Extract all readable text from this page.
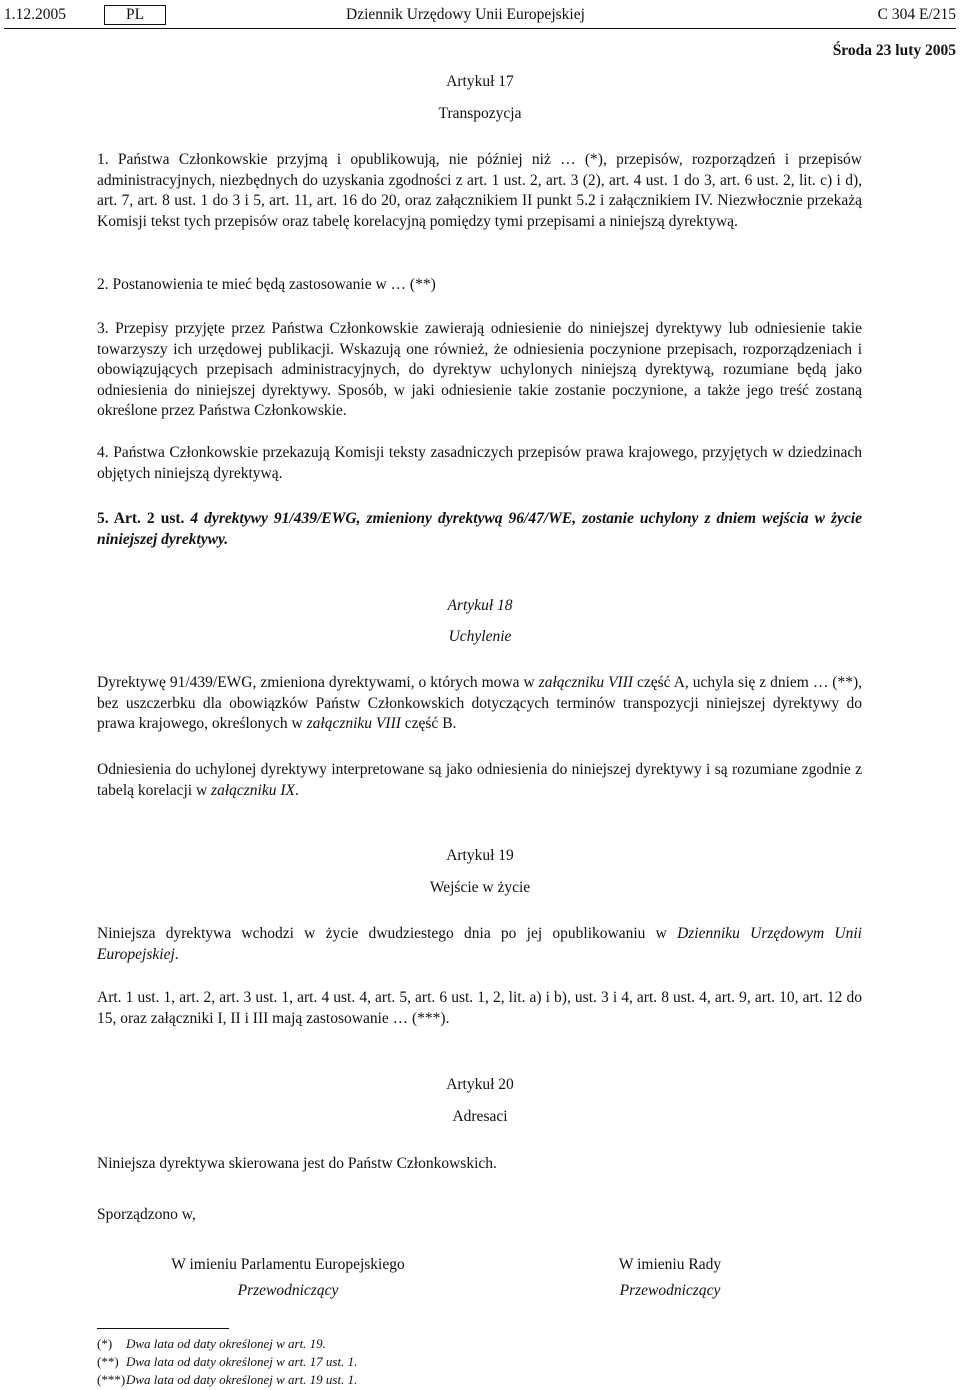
1.12.2005	PL	Dziennik Urzędowy Unii Europejskiej	C 304 E/215
Środa 23 luty 2005
Artykuł 17
Transpozycja

1. Państwa Członkowskie przyjmą i opublikowują, nie później niż … (*), przepisów, rozporządzeń i przepisów administracyjnych, niezbędnych do uzyskania zgodności z art. 1 ust. 2, art. 3 (2), art. 4 ust. 1 do 3, art. 6 ust. 2, lit. c) i d), art. 7, art. 8 ust. 1 do 3 i 5, art. 11, art. 16 do 20, oraz załącznikiem II punkt 5.2 i załącznikiem IV. Niezwłocznie przekażą Komisji tekst tych przepisów oraz tabelę korelacyjną pomiędzy tymi przepisami a niniejszą dyrektywą.

2. Postanowienia te mieć będą zastosowanie w … (**)

3. Przepisy przyjęte przez Państwa Członkowskie zawierają odniesienie do niniejszej dyrektywy lub odniesienie takie towarzyszy ich urzędowej publikacji. Wskazują one również, że odniesienia poczynione przepisach, rozporządzeniach i obowiązujących przepisach administracyjnych, do dyrektyw uchylonych niniejszą dyrektywą, rozumiane będą jako odniesienia do niniejszej dyrektywy. Sposób, w jaki odniesienie takie zostanie poczynione, a także jego treść zostaną określone przez Państwa Członkowskie.

4. Państwa Członkowskie przekazują Komisji teksty zasadniczych przepisów prawa krajowego, przyjętych w dziedzinach objętych niniejszą dyrektywą.

5. Art. 2 ust. 4 dyrektywy 91/439/EWG, zmieniony dyrektywą 96/47/WE, zostanie uchylony z dniem wejścia w życie niniejszej dyrektywy.

Artykuł 18
Uchylenie

Dyrektywę 91/439/EWG, zmieniona dyrektywami, o których mowa w załączniku VIII część A, uchyla się z dniem … (**), bez uszczerbku dla obowiązków Państw Członkowskich dotyczących terminów transpozycji niniejszej dyrektywy do prawa krajowego, określonych w załączniku VIII część B.

Odniesienia do uchylonej dyrektywy interpretowane są jako odniesienia do niniejszej dyrektywy i są rozumiane zgodnie z tabelą korelacji w załączniku IX.

Artykuł 19
Wejście w życie

Niniejsza dyrektywa wchodzi w życie dwudziestego dnia po jej opublikowaniu w Dzienniku Urzędowym Unii Europejskiej.

Art. 1 ust. 1, art. 2, art. 3 ust. 1, art. 4 ust. 4, art. 5, art. 6 ust. 1, 2, lit. a) i b), ust. 3 i 4, art. 8 ust. 4, art. 9, art. 10, art. 12 do 15, oraz załączniki I, II i III mają zastosowanie … (***).

Artykuł 20
Adresaci

Niniejsza dyrektywa skierowana jest do Państw Członkowskich.

Sporządzono w,

W imieniu Parlamentu Europejskiego
Przewodniczący
W imieniu Rady
Przewodniczący
(*) Dwa lata od daty określonej w art. 19.
(**) Dwa lata od daty określonej w art. 17 ust. 1.
(***)Dwa lata od daty określonej w art. 19 ust. 1.
